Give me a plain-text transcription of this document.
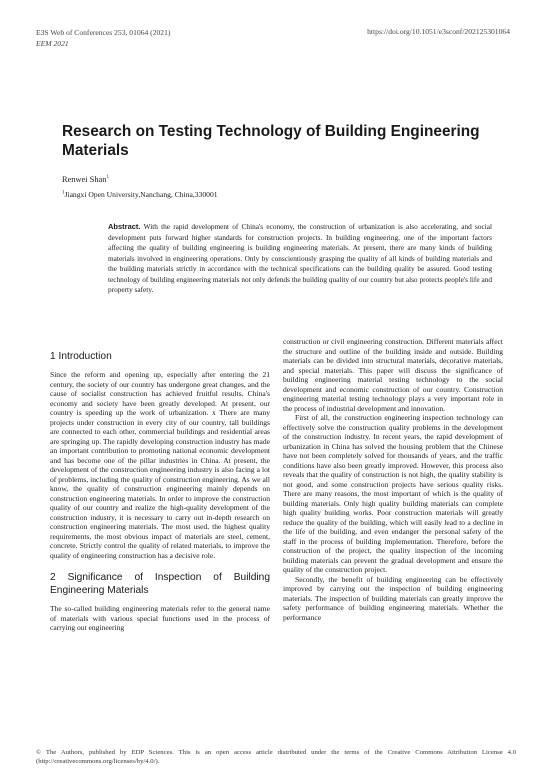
E3S Web of Conferences 253, 01064 (2021)
EEM 2021
https://doi.org/10.1051/e3sconf/202125301064
Research on Testing Technology of Building Engineering
Materials
Renwei Shan$^1$
$^1$Jiangxi Open University,Nanchang, China,330001
Abstract. With the rapid development of China's economy, the construction of urbanization is also accelerating, and social development puts forward higher standards for construction projects. In building engineering, one of the important factors affecting the quality of building engineering is building engineering materials. At present, there are many kinds of building materials involved in engineering operations. Only by conscientiously grasping the quality of all kinds of building materials and the building materials strictly in accordance with the technical specifications can the building quality be assured. Good testing technology of building engineering materials not only defends the building quality of our country but also protects people's life and property safety.
1 Introduction

Since the reform and opening up, especially after entering the 21 century, the society of our country has undergone great changes, and the cause of socialist construction has achieved fruitful results. China's economy and society have been greatly developed. At present, our country is speeding up the work of urbanization. x There are many projects under construction in every city of our country, tall buildings are connected to each other, commercial buildings and residential areas are springing up. The rapidly developing construction industry has made an important contribution to promoting national economic development and has become one of the pillar industries in China. At present, the development of the construction engineering industry is also facing a lot of problems, including the quality of construction engineering. As we all know, the quality of construction engineering mainly depends on construction engineering materials. In order to improve the construction quality of our country and realize the high-quality development of the construction industry, it is necessary to carry out in-depth research on construction engineering materials. The most used, the highest quality requirements, the most obvious impact of materials are steel, cement, concrete. Strictly control the quality of related materials, to improve the quality of engineering construction has a decisive role.

2 Significance of Inspection of Building Engineering Materials

The so-called building engineering materials refer to the general name of materials with various special functions used in the process of carrying out engineering

construction or civil engineering construction. Different materials affect the structure and outline of the building inside and outside. Building materials can be divided into structural materials, decorative materials, and special materials. This paper will discuss the significance of building engineering material testing technology to the social development and economic construction of our country. Construction engineering material testing technology plays a very important role in the process of industrial development and innovation.

First of all, the construction engineering inspection technology can effectively solve the construction quality problems in the development of the construction industry. In recent years, the rapid development of urbanization in China has solved the housing problem that the Chinese have not been completely solved for thousands of years, and the traffic conditions have also been greatly improved. However, this process also reveals that the quality of construction is not high, the quality stability is not good, and some construction projects have serious quality risks. There are many reasons, the most important of which is the quality of building materials. Only high quality building materials can complete high quality building works. Poor construction materials will greatly reduce the quality of the building, which will easily lead to a decline in the life of the building, and even endanger the personal safety of the staff in the process of building implementation. Therefore, before the construction of the project, the quality inspection of the incoming building materials can prevent the gradual development and ensure the quality of the construction project.

Secondly, the benefit of building engineering can be effectively improved by carrying out the inspection of building engineering materials. The inspection of building materials can greatly improve the safety performance of building engineering materials. Whether the performance

© The Authors, published by EDP Sciences. This is an open access article distributed under the terms of the Creative Commons Attribution License 4.0 (http://creativecommons.org/licenses/by/4.0/).
